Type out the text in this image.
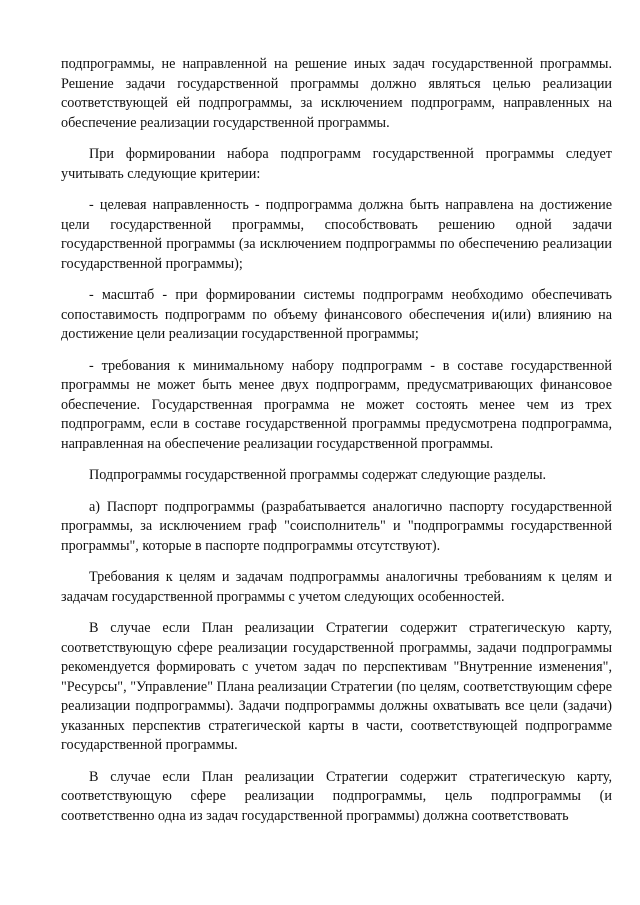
подпрограммы, не направленной на решение иных задач государственной программы. Решение задачи государственной программы должно являться целью реализации соответствующей ей подпрограммы, за исключением подпрограмм, направленных на обеспечение реализации государственной программы.

При формировании набора подпрограмм государственной программы следует учитывать следующие критерии:

- целевая направленность - подпрограмма должна быть направлена на достижение цели государственной программы, способствовать решению одной задачи государственной программы (за исключением подпрограммы по обеспечению реализации государственной программы);

- масштаб - при формировании системы подпрограмм необходимо обеспечивать сопоставимость подпрограмм по объему финансового обеспечения и(или) влиянию на достижение цели реализации государственной программы;

- требования к минимальному набору подпрограмм - в составе государственной программы не может быть менее двух подпрограмм, предусматривающих финансовое обеспечение. Государственная программа не может состоять менее чем из трех подпрограмм, если в составе государственной программы предусмотрена подпрограмма, направленная на обеспечение реализации государственной программы.

Подпрограммы государственной программы содержат следующие разделы.

а) Паспорт подпрограммы (разрабатывается аналогично паспорту государственной программы, за исключением граф "соисполнитель" и "подпрограммы государственной программы", которые в паспорте подпрограммы отсутствуют).

Требования к целям и задачам подпрограммы аналогичны требованиям к целям и задачам государственной программы с учетом следующих особенностей.

В случае если План реализации Стратегии содержит стратегическую карту, соответствующую сфере реализации государственной программы, задачи подпрограммы рекомендуется формировать с учетом задач по перспективам "Внутренние изменения", "Ресурсы", "Управление" Плана реализации Стратегии (по целям, соответствующим сфере реализации подпрограммы). Задачи подпрограммы должны охватывать все цели (задачи) указанных перспектив стратегической карты в части, соответствующей подпрограмме государственной программы.

В случае если План реализации Стратегии содержит стратегическую карту, соответствующую сфере реализации подпрограммы, цель подпрограммы (и соответственно одна из задач государственной программы) должна соответствовать
